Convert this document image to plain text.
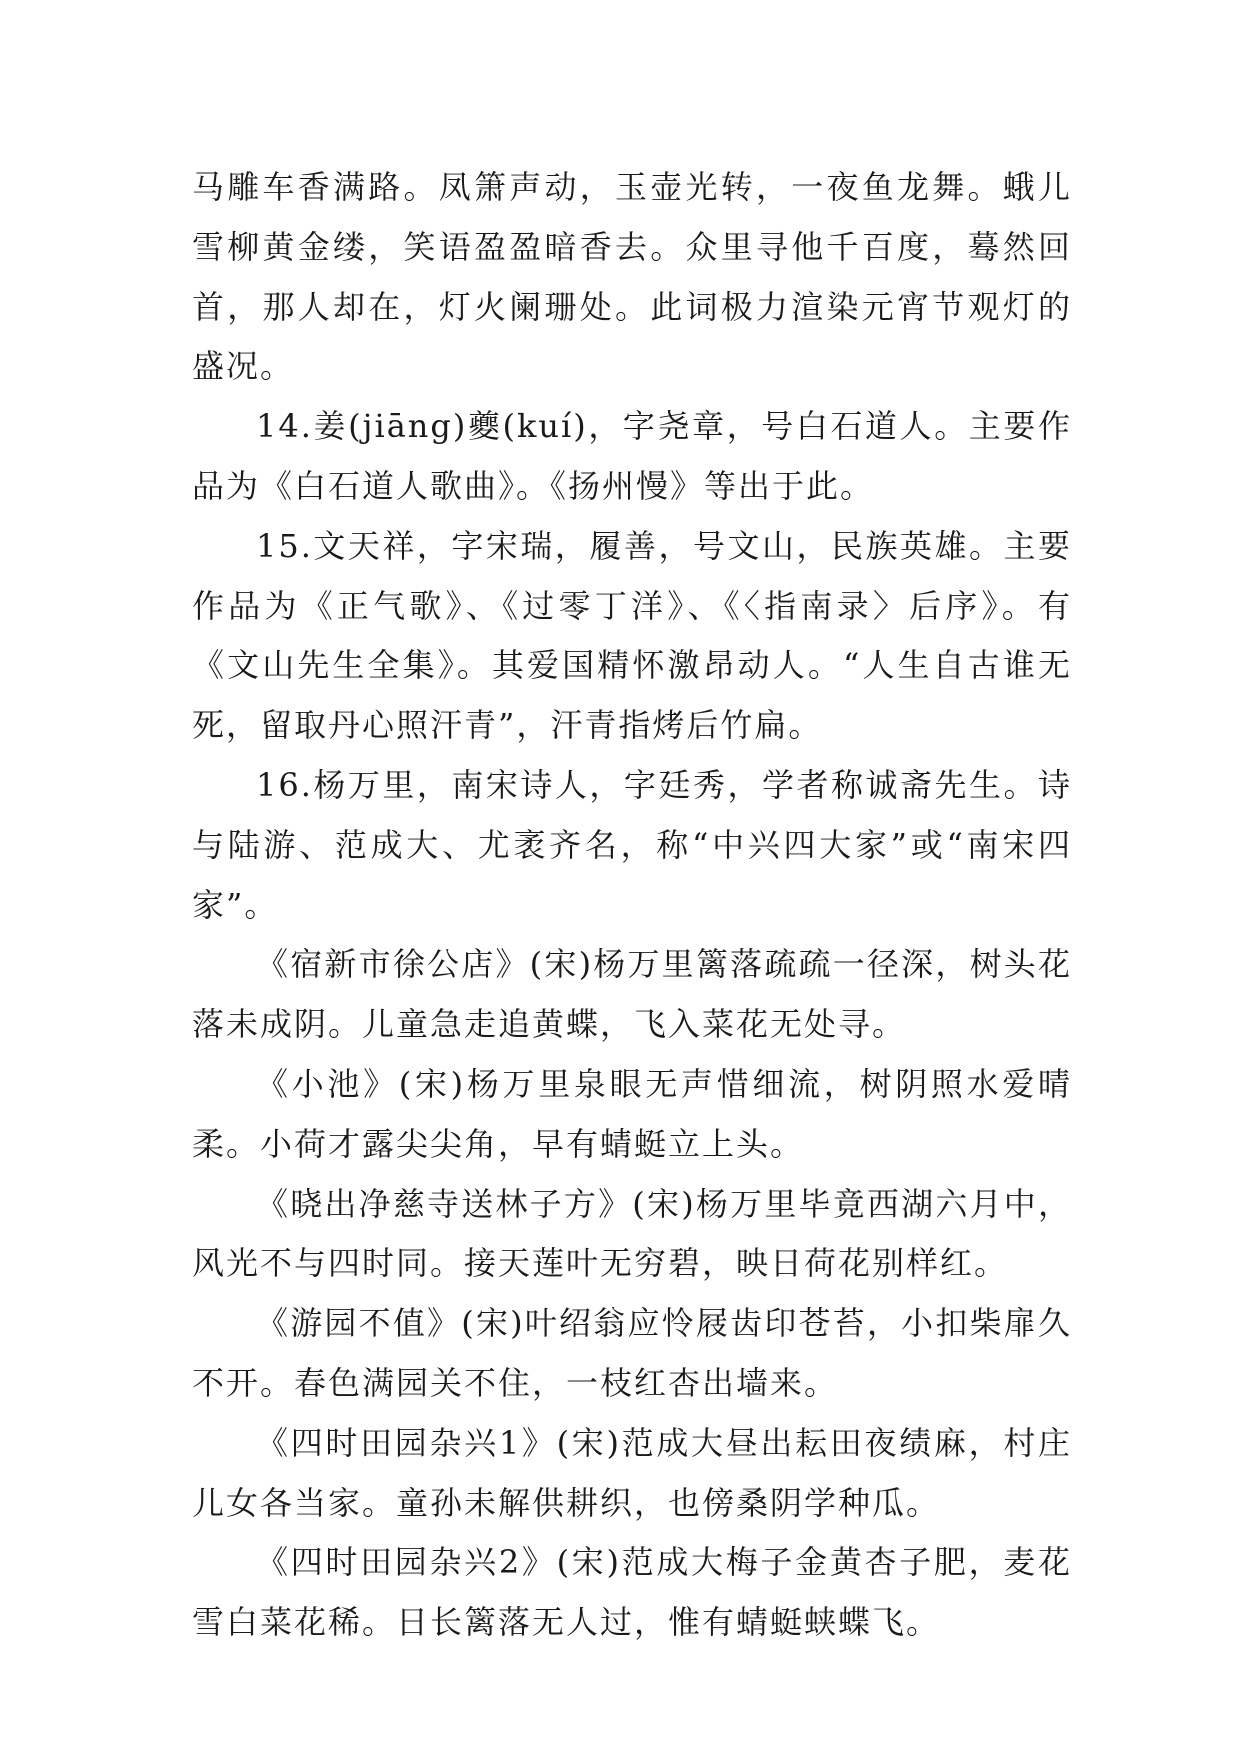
马雕车香满路。凤箫声动，玉壶光转，一夜鱼龙舞。蛾儿雪柳黄金缕，笑语盈盈暗香去。众里寻他千百度，蓦然回首，那人却在，灯火阑珊处。此词极力渲染元宵节观灯的盛况。

14.姜(jiāng)夔(kuí)，字尧章，号白石道人。主要作品为《白石道人歌曲》。《扬州慢》等出于此。

15.文天祥，字宋瑞，履善，号文山，民族英雄。主要作品为《正气歌》、《过零丁洋》、《〈指南录〉后序》。有《文山先生全集》。其爱国精怀激昂动人。“人生自古谁无死，留取丹心照汗青”，汗青指烤后竹扁。

16.杨万里，南宋诗人，字廷秀，学者称诚斋先生。诗与陆游、范成大、尤袤齐名，称“中兴四大家”或“南宋四家”。

《宿新市徐公店》(宋)杨万里篱落疏疏一径深，树头花落未成阴。儿童急走追黄蝶，飞入菜花无处寻。

《小池》(宋)杨万里泉眼无声惜细流，树阴照水爱晴柔。小荷才露尖尖角，早有蜻蜓立上头。

《晓出净慈寺送林子方》(宋)杨万里毕竟西湖六月中，风光不与四时同。接天莲叶无穷碧，映日荷花别样红。

《游园不值》(宋)叶绍翁应怜屐齿印苍苔，小扣柴扉久不开。春色满园关不住，一枝红杏出墙来。

《四时田园杂兴1》(宋)范成大昼出耘田夜绩麻，村庄儿女各当家。童孙未解供耕织，也傍桑阴学种瓜。

《四时田园杂兴2》(宋)范成大梅子金黄杏子肥，麦花雪白菜花稀。日长篱落无人过，惟有蜻蜓蛱蝶飞。
